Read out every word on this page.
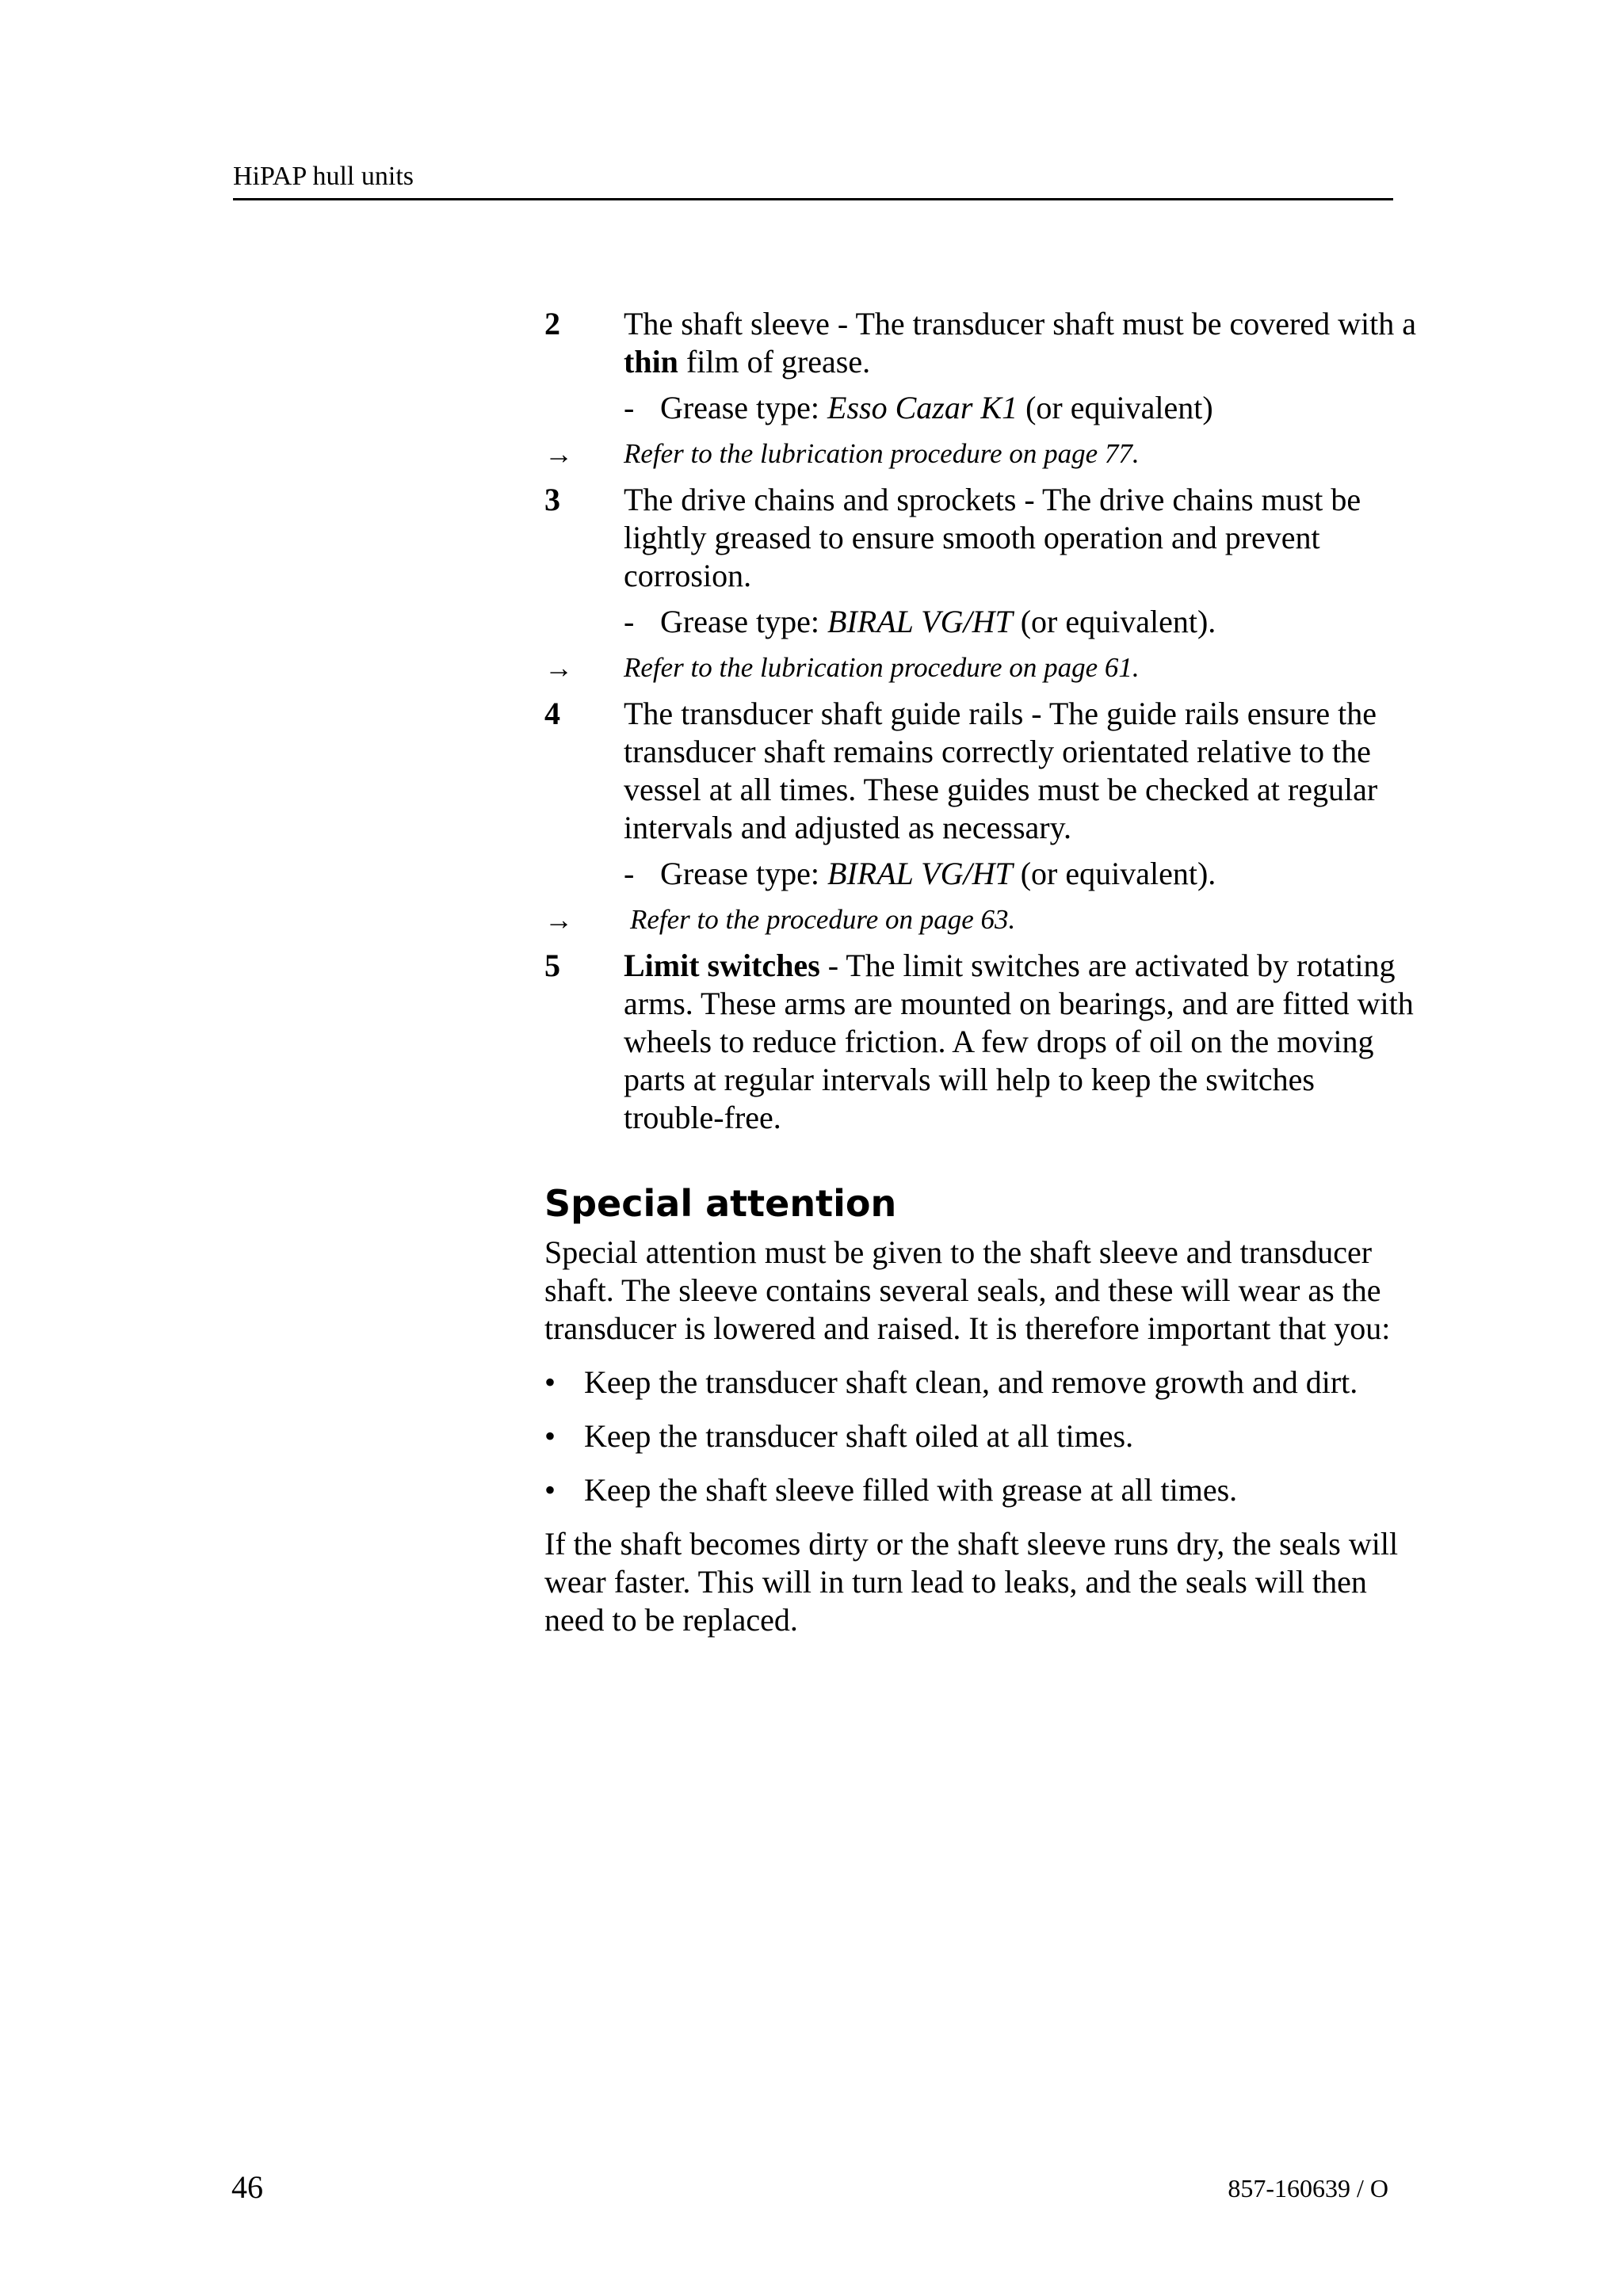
HiPAP hull units
2 The shaft sleeve - The transducer shaft must be covered with a thin film of grease.

- Grease type: Esso Cazar K1 (or equivalent)
→ Refer to the lubrication procedure on page 77.
3 The drive chains and sprockets - The drive chains must be lightly greased to ensure smooth operation and prevent corrosion.

- Grease type: BIRAL VG/HT (or equivalent).
→ Refer to the lubrication procedure on page 61.
4 The transducer shaft guide rails - The guide rails ensure the transducer shaft remains correctly orientated relative to the vessel at all times. These guides must be checked at regular intervals and adjusted as necessary.

- Grease type: BIRAL VG/HT (or equivalent).
→ Refer to the procedure on page 63.
5 Limit switches - The limit switches are activated by rotating arms. These arms are mounted on bearings, and are fitted with wheels to reduce friction. A few drops of oil on the moving parts at regular intervals will help to keep the switches trouble-free.

Special attention

Special attention must be given to the shaft sleeve and transducer shaft. The sleeve contains several seals, and these will wear as the transducer is lowered and raised. It is therefore important that you:

• Keep the transducer shaft clean, and remove growth and dirt.
• Keep the transducer shaft oiled at all times.
• Keep the shaft sleeve filled with grease at all times.

If the shaft becomes dirty or the shaft sleeve runs dry, the seals will wear faster. This will in turn lead to leaks, and the seals will then need to be replaced.

46	857-160639 / O
